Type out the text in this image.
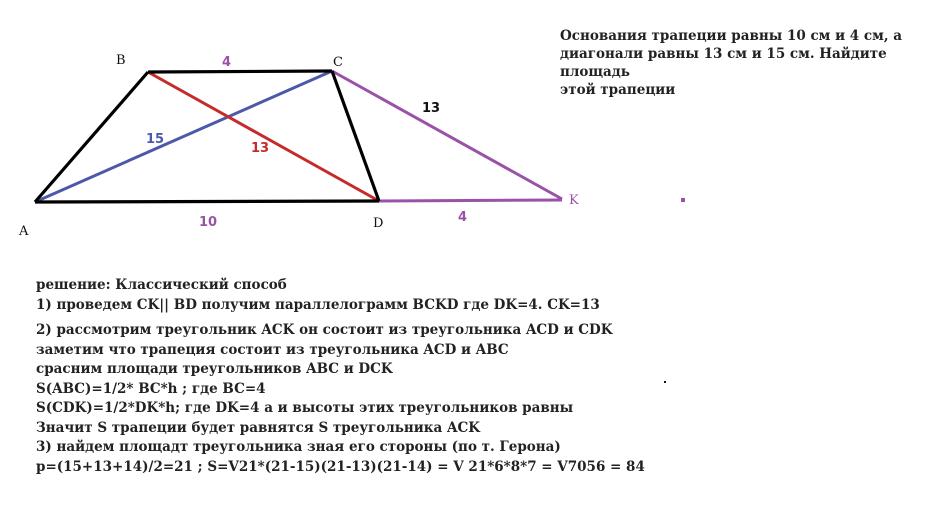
B	C
A
D
K
4
10	4
13
15
13
Основания трапеции равны 10 см и 4 см, а
диагонали равны 13 см и 15 см. Найдите площадь
этой трапеции
решение: Классический способ
1) проведем CK|| BD получим параллелограмм BCKD где DK=4. CK=13
2) рассмотрим треугольник ACK он состоит из треугольника ACD и CDK
заметим что трапеция состоит из треугольника ACD и ABC
срасним площади треугольников ABC и DCK
S(ABC)=1/2* BC*h ; где BC=4
S(CDK)=1/2*DK*h; где DK=4 а и высоты этих треугольников равны
Значит S трапеции будет равнятся S треугольника ACK
3) найдем площадт треугольника зная его стороны (по т. Герона)
p=(15+13+14)/2=21 ; S=V21*(21-15)(21-13)(21-14) = V 21*6*8*7 = V7056 = 84
